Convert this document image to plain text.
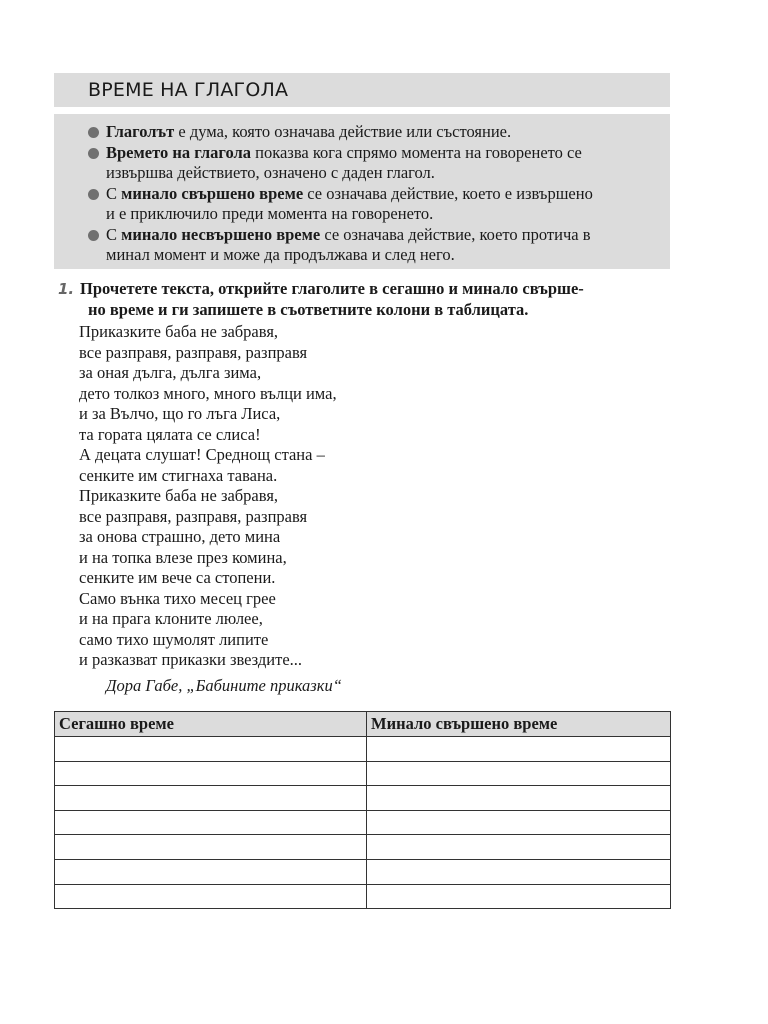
ВРЕМЕ НА ГЛАГОЛА
Глаголът е дума, която означава действие или състояние.
Времето на глагола показва кога спрямо момента на говоренето се
извършва действието, означено с даден глагол.
С минало свършено време се означава действие, което е извършено
и е приключило преди момента на говоренето.
С минало несвършено време се означава действие, което протича в
минал момент и може да продължава и след него.
1. Прочетете текста, открийте глаголите в сегашно и минало свърше-
но време и ги запишете в съответните колони в таблицата.
Приказките баба не забравя,
все разправя, разправя, разправя
за оная дълга, дълга зима,
дето толкоз много, много вълци има,
и за Вълчо, що го лъга Лиса,
та гората цялата се слиса!
А децата слушат! Среднощ стана –
сенките им стигнаха тавана.
Приказките баба не забравя,
все разправя, разправя, разправя
за онова страшно, дето мина
и на топка влезе през комина,
сенките им вече са стопени.
Само вънка тихо месец грее
и на прага клоните люлее,
само тихо шумолят липите
и разказват приказки звездите...
Дора Габе, „Бабините приказки“
Сегашно време	Минало свършено време
